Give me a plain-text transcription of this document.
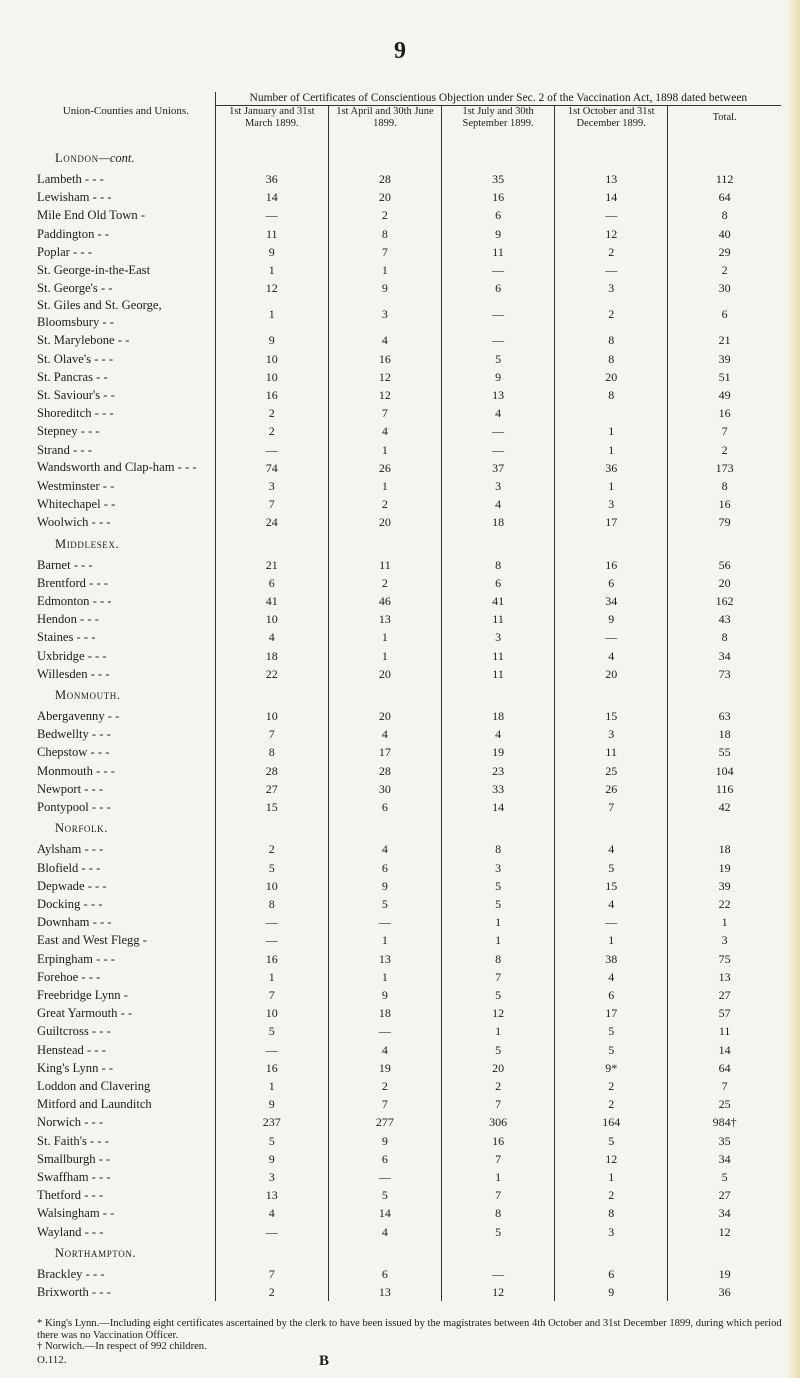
9
Union-Counties and Unions.	Number of Certificates of Conscientious Objection under Sec. 2 of the Vaccination Act, 1898 dated between				
	1st January and 31st March 1899.	1st April and 30th June 1899.	1st July and 30th September 1899.	1st October and 31st December 1899.	Total.
London—cont.					
Lambeth - - -	36	28	35	13	112
Lewisham - - -	14	20	16	14	64
Mile End Old Town -	—	2	6	—	8
Paddington - -	11	8	9	12	40
Poplar - - -	9	7	11	2	29
St. George-in-the-East	1	1	—	—	2
St. George's - -	12	9	6	3	30
St. Giles and St. George, Bloomsbury - -	1	3	—	2	6
St. Marylebone - -	9	4	—	8	21
St. Olave's - - -	10	16	5	8	39
St. Pancras - -	10	12	9	20	51
St. Saviour's - -	16	12	13	8	49
Shoreditch - - -	2	7	4		16
Stepney - - -	2	4	—	1	7
Strand - - -	—	1	—	1	2
Wandsworth and Clap-ham - - -	74	26	37	36	173
Westminster - -	3	1	3	1	8
Whitechapel - -	7	2	4	3	16
Woolwich - - -	24	20	18	17	79
Middlesex.					
Barnet - - -	21	11	8	16	56
Brentford - - -	6	2	6	6	20
Edmonton - - -	41	46	41	34	162
Hendon - - -	10	13	11	9	43
Staines - - -	4	1	3	—	8
Uxbridge - - -	18	1	11	4	34
Willesden - - -	22	20	11	20	73
Monmouth.					
Abergavenny - -	10	20	18	15	63
Bedwellty - - -	7	4	4	3	18
Chepstow - - -	8	17	19	11	55
Monmouth - - -	28	28	23	25	104
Newport - - -	27	30	33	26	116
Pontypool - - -	15	6	14	7	42
Norfolk.					
Aylsham - - -	2	4	8	4	18
Blofield - - -	5	6	3	5	19
Depwade - - -	10	9	5	15	39
Docking - - -	8	5	5	4	22
Downham - - -	—	—	1	—	1
East and West Flegg -	—	1	1	1	3
Erpingham - - -	16	13	8	38	75
Forehoe - - -	1	1	7	4	13
Freebridge Lynn -	7	9	5	6	27
Great Yarmouth - -	10	18	12	17	57
Guiltcross - - -	5	—	1	5	11
Henstead - - -	—	4	5	5	14
King's Lynn - -	16	19	20	9*	64
Loddon and Clavering	1	2	2	2	7
Mitford and Launditch	9	7	7	2	25
Norwich - - -	237	277	306	164	984†
St. Faith's - - -	5	9	16	5	35
Smallburgh - -	9	6	7	12	34
Swaffham - - -	3	—	1	1	5
Thetford - - -	13	5	7	2	27
Walsingham - -	4	14	8	8	34
Wayland - - -	—	4	5	3	12
Northampton.					
Brackley - - -	7	6	—	6	19
Brixworth - - -	2	13	12	9	36

* King's Lynn.—Including eight certificates ascertained by the clerk to have been issued by the magistrates between 4th October and 31st December 1899, during which period there was no Vaccination Officer.

† Norwich.—In respect of 992 children.

O.112.	B
